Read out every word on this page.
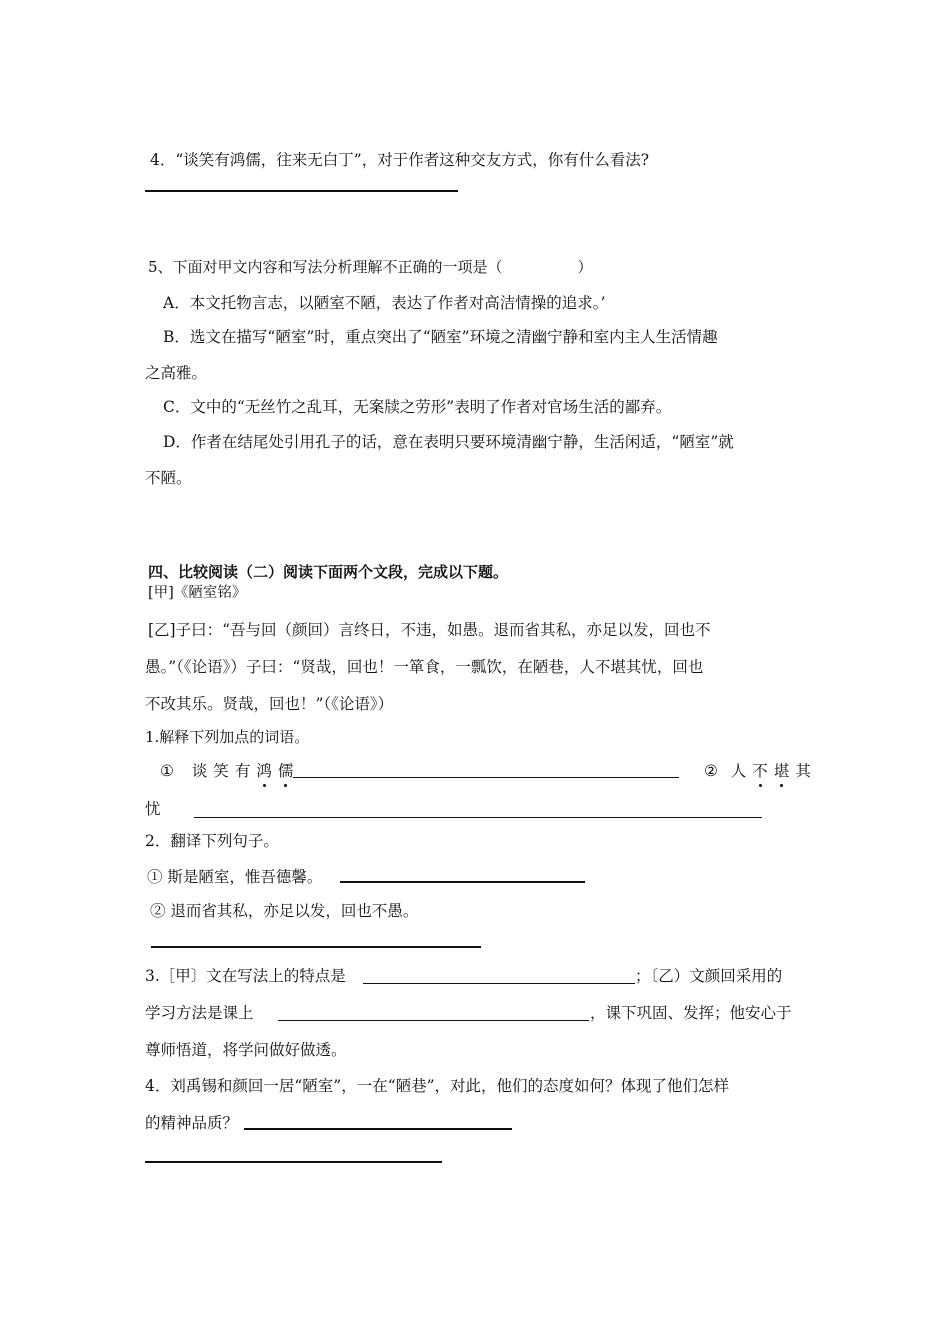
4．“谈笑有鸿儒，往来无白丁”，对于作者这种交友方式，你有什么看法?
5、下面对甲文内容和写法分析理解不正确的一项是（　　　　　）
A．本文托物言志，以陋室不陋，表达了作者对高洁情操的追求。’
B．选文在描写“陋室”时，重点突出了“陋室”环境之清幽宁静和室内主人生活情趣
之高雅。
C．文中的“无丝竹之乱耳，无案牍之劳形”表明了作者对官场生活的鄙弃。
D．作者在结尾处引用孔子的话，意在表明只要环境清幽宁静，生活闲适，“陋室”就
不陋。
四、比较阅读（二）阅读下面两个文段，完成以下题。
[甲]《陋室铭》
[乙]子曰：“吾与回（颜回）言终日，不违，如愚。退而省其私，亦足以发，回也不
愚。”（《论语》）子曰：“贤哉，回也！一箪食，一瓢饮，在陋巷，人不堪其忧，回也
不改其乐。贤哉，回也！”（《论语》）
1.解释下列加点的词语。
① 谈 笑 有 鸿 儒	② 人 不 堪 其
忧
2．翻译下列句子。
① 斯是陋室，惟吾德馨。
② 退而省其私，亦足以发，回也不愚。
3.［甲〕文在写法上的特点是	；〔乙）文颜回采用的
学习方法是课上	，课下巩固、发挥；他安心于
尊师悟道，将学问做好做透。
4．刘禹锡和颜回一居“陋室”，一在“陋巷”，对此，他们的态度如何？体现了他们怎样
的精神品质？
